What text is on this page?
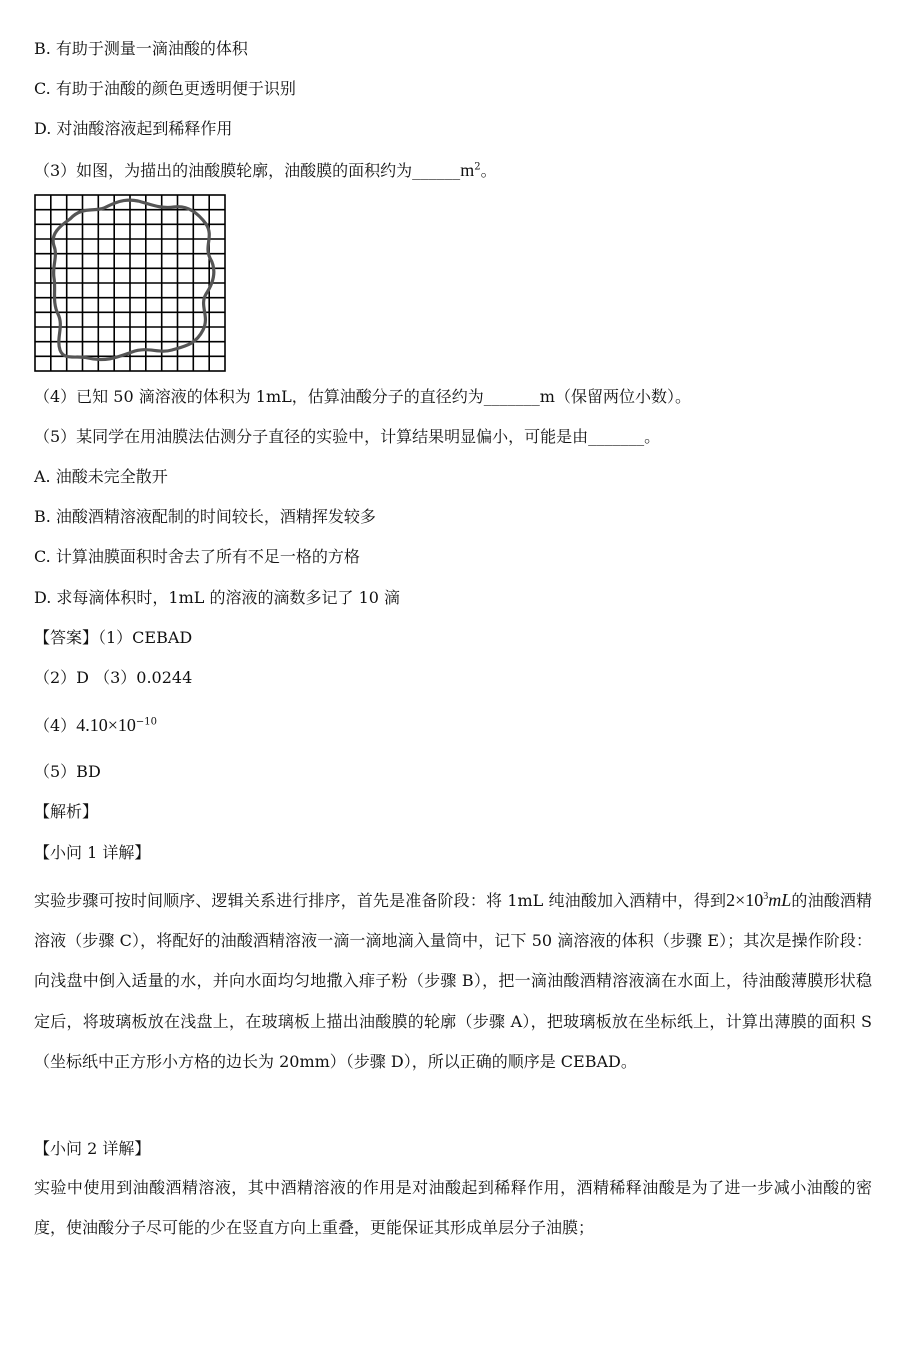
B. 有助于测量一滴油酸的体积
C. 有助于油酸的颜色更透明便于识别
D. 对油酸溶液起到稀释作用
（3）如图，为描出的油酸膜轮廓，油酸膜的面积约为$\_\_\_\_\_\_m^2$。
（4）已知 50 滴溶液的体积为 1mL，估算油酸分子的直径约为_______m（保留两位小数）。
（5）某同学在用油膜法估测分子直径的实验中，计算结果明显偏小，可能是由_______。
A. 油酸未完全散开
B. 油酸酒精溶液配制的时间较长，酒精挥发较多
C. 计算油膜面积时舍去了所有不足一格的方格
D. 求每滴体积时，1mL 的溶液的滴数多记了 10 滴
【答案】（1）CEBAD
（2）D （3）0.0244
$(4)4.10\times 10^{-10}$
（5）BD
【解析】
【小问 1 详解】
实验步骤可按时间顺序、逻辑关系进行排序，首先是准备阶段：将 1mL 纯油酸加入酒精中，得到$2\times 10^3mL$的油酸酒精溶液（步骤 C），将配好的油酸酒精溶液一滴一滴地滴入量筒中，记下 50 滴溶液的体积（步骤 E）；其次是操作阶段：向浅盘中倒入适量的水，并向水面均匀地撒入痱子粉（步骤 B），把一滴油酸酒精溶液滴在水面上，待油酸薄膜形状稳定后，将玻璃板放在浅盘上，在玻璃板上描出油酸膜的轮廓（步骤 A），把玻璃板放在坐标纸上，计算出薄膜的面积 S（坐标纸中正方形小方格的边长为 20mm）（步骤 D），所以正确的顺序是 CEBAD。
【小问 2 详解】
实验中使用到油酸酒精溶液，其中酒精溶液的作用是对油酸起到稀释作用，酒精稀释油酸是为了进一步减小油酸的密度，使油酸分子尽可能的少在竖直方向上重叠，更能保证其形成单层分子油膜；
